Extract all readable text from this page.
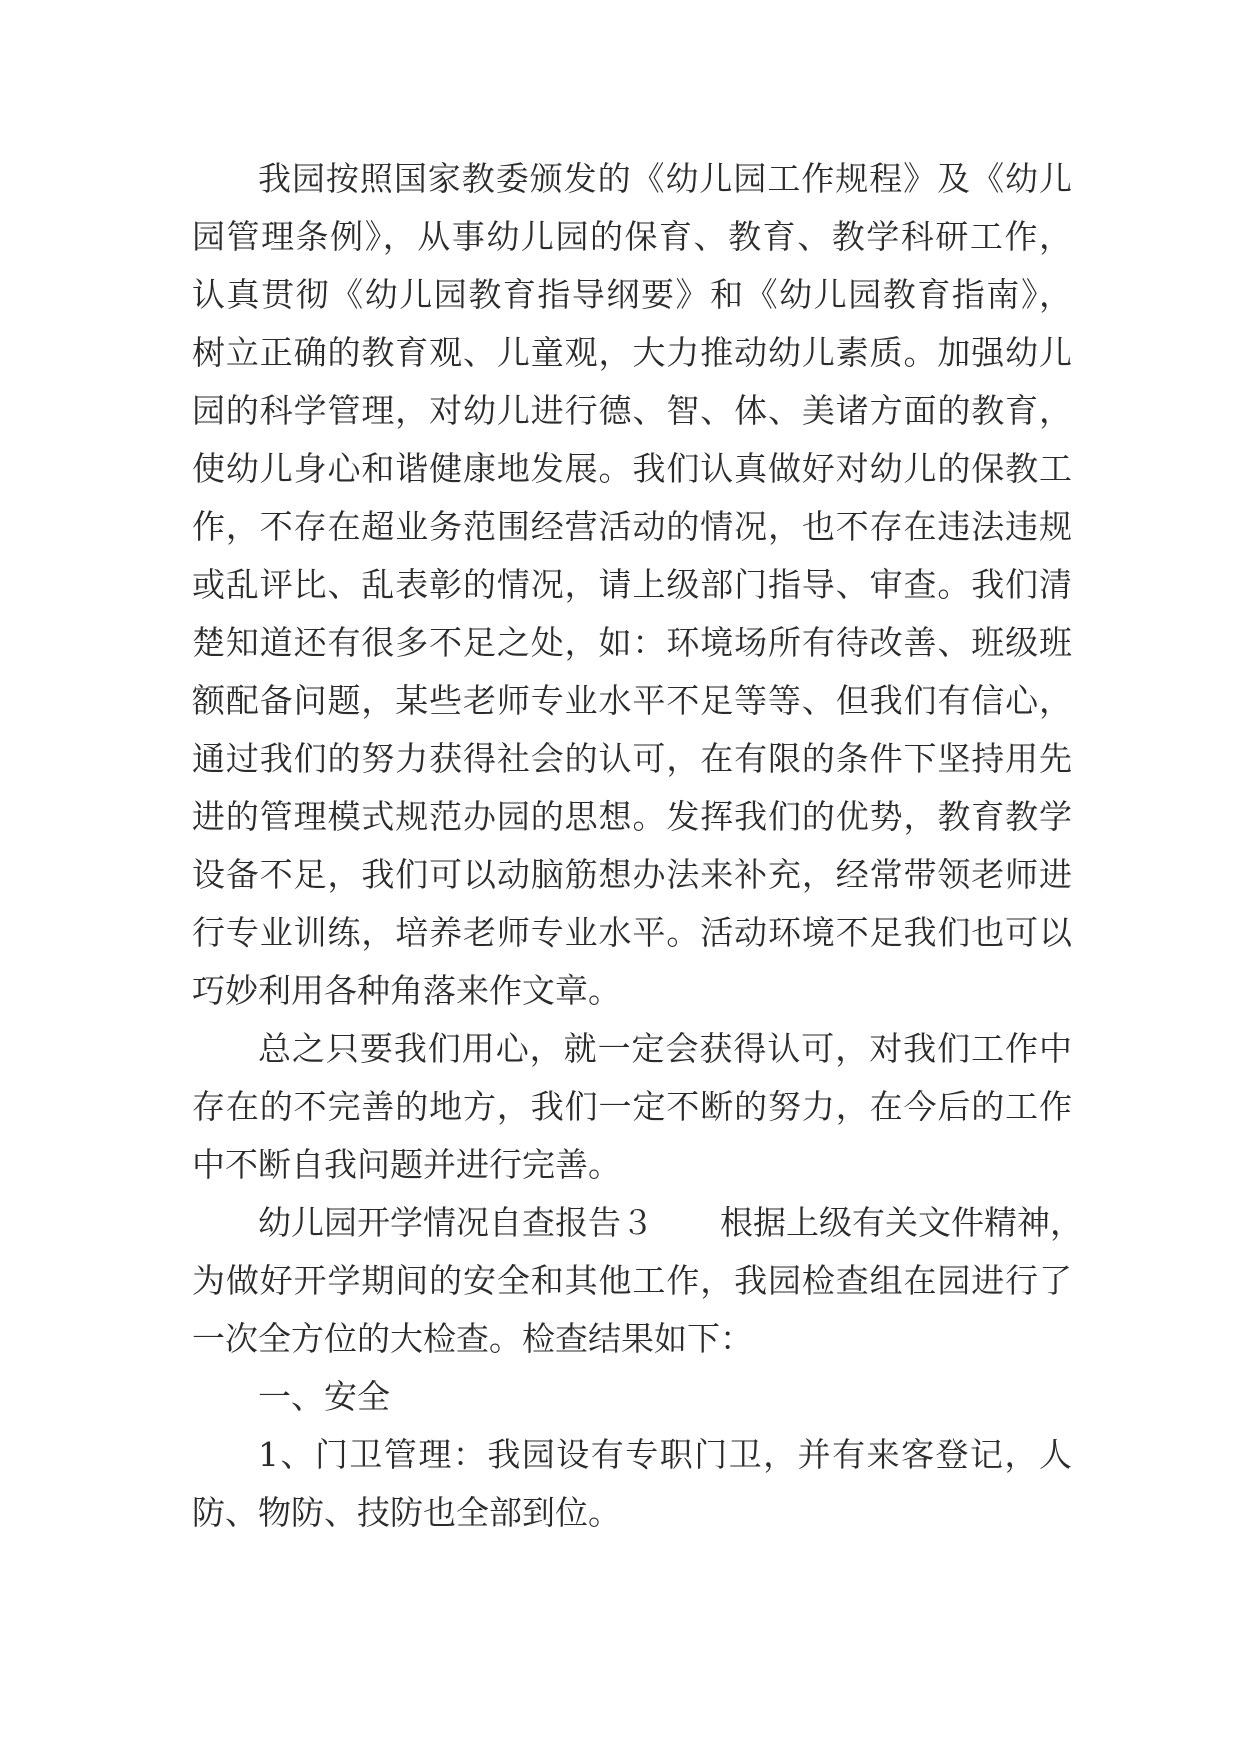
我园按照国家教委颁发的《幼儿园工作规程》及《幼儿
园管理条例》，从事幼儿园的保育、教育、教学科研工作，
认真贯彻《幼儿园教育指导纲要》和《幼儿园教育指南》，
树立正确的教育观、儿童观，大力推动幼儿素质。加强幼儿
园的科学管理，对幼儿进行德、智、体、美诸方面的教育，
使幼儿身心和谐健康地发展。我们认真做好对幼儿的保教工
作，不存在超业务范围经营活动的情况，也不存在违法违规
或乱评比、乱表彰的情况，请上级部门指导、审查。我们清
楚知道还有很多不足之处，如：环境场所有待改善、班级班
额配备问题，某些老师专业水平不足等等、但我们有信心，
通过我们的努力获得社会的认可，在有限的条件下坚持用先
进的管理模式规范办园的思想。发挥我们的优势，教育教学
设备不足，我们可以动脑筋想办法来补充，经常带领老师进
行专业训练，培养老师专业水平。活动环境不足我们也可以
巧妙利用各种角落来作文章。
总之只要我们用心，就一定会获得认可，对我们工作中
存在的不完善的地方，我们一定不断的努力，在今后的工作
中不断自我问题并进行完善。
幼儿园开学情况自查报告３　　根据上级有关文件精神，
为做好开学期间的安全和其他工作，我园检查组在园进行了
一次全方位的大检查。检查结果如下：
一、安全
1、门卫管理：我园设有专职门卫，并有来客登记，人
防、物防、技防也全部到位。
